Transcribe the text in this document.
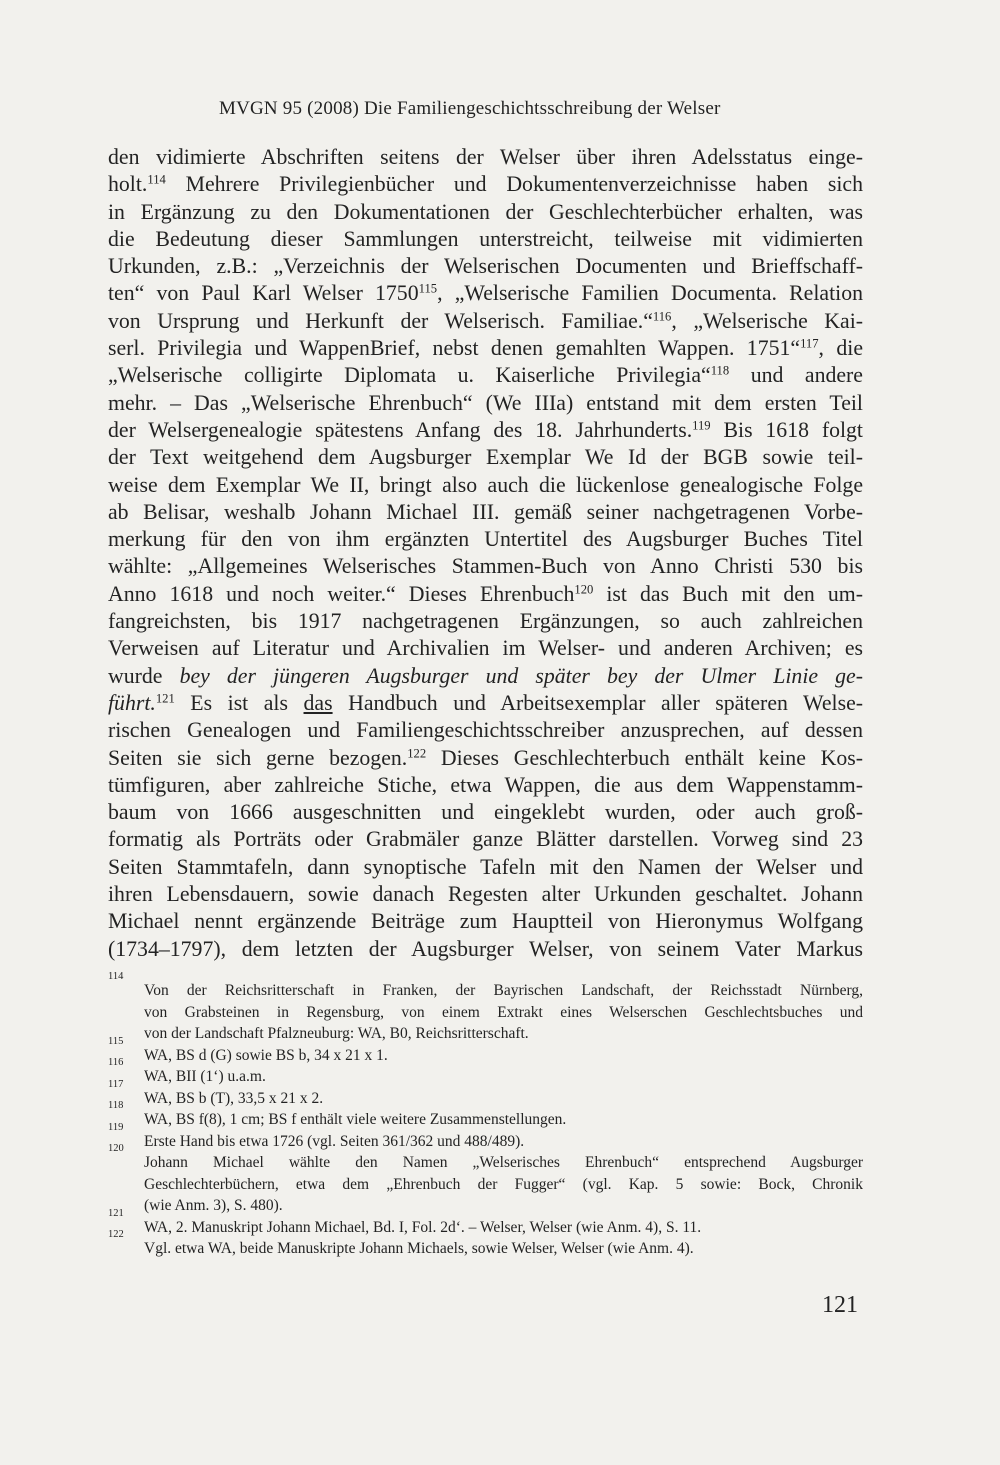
MVGN 95 (2008) Die Familiengeschichtsschreibung der Welser
den vidimierte Abschriften seitens der Welser über ihren Adelsstatus einge-
holt.$^{114}$ Mehrere Privilegienbücher und Dokumentenverzeichnisse haben sich
in Ergänzung zu den Dokumentationen der Geschlechterbücher erhalten, was
die Bedeutung dieser Sammlungen unterstreicht, teilweise mit vidimierten
Urkunden, z.B.: „Verzeichnis der Welserischen Documenten und Brieffschaff-
ten“ von Paul Karl Welser 1750$^{115}$, „Welserische Familien Documenta. Relation
von Ursprung und Herkunft der Welserisch. Familiae.“$^{116}$, „Welserische Kai-
serl. Privilegia und WappenBrief, nebst denen gemahlten Wappen. 1751“$^{117}$, die
„Welserische colligirte Diplomata u. Kaiserliche Privilegia“$^{118}$ und andere
mehr. – Das „Welserische Ehrenbuch“ (We IIIa) entstand mit dem ersten Teil
der Welsergenealogie spätestens Anfang des 18. Jahrhunderts.$^{119}$ Bis 1618 folgt
der Text weitgehend dem Augsburger Exemplar We Id der BGB sowie teil-
weise dem Exemplar We II, bringt also auch die lückenlose genealogische Folge
ab Belisar, weshalb Johann Michael III. gemäß seiner nachgetragenen Vorbe-
merkung für den von ihm ergänzten Untertitel des Augsburger Buches Titel
wählte: „Allgemeines Welserisches Stammen-Buch von Anno Christi 530 bis
Anno 1618 und noch weiter.“ Dieses Ehrenbuch$^{120}$ ist das Buch mit den um-
fangreichsten, bis 1917 nachgetragenen Ergänzungen, so auch zahlreichen
Verweisen auf Literatur und Archivalien im Welser- und anderen Archiven; es
wurde bey der jüngeren Augsburger und später bey der Ulmer Linie ge-
führt.$^{121}$ Es ist als das Handbuch und Arbeitsexemplar aller späteren Welse-
rischen Genealogen und Familiengeschichtsschreiber anzusprechen, auf dessen
Seiten sie sich gerne bezogen.$^{122}$ Dieses Geschlechterbuch enthält keine Kos-
tümfiguren, aber zahlreiche Stiche, etwa Wappen, die aus dem Wappenstamm-
baum von 1666 ausgeschnitten und eingeklebt wurden, oder auch groß-
formatig als Porträts oder Grabmäler ganze Blätter darstellen. Vorweg sind 23
Seiten Stammtafeln, dann synoptische Tafeln mit den Namen der Welser und
ihren Lebensdauern, sowie danach Regesten alter Urkunden geschaltet. Johann
Michael nennt ergänzende Beiträge zum Hauptteil von Hieronymus Wolfgang
(1734–1797), dem letzten der Augsburger Welser, von seinem Vater Markus
114
Von der Reichsritterschaft in Franken, der Bayrischen Landschaft, der Reichsstadt Nürnberg,
von Grabsteinen in Regensburg, von einem Extrakt eines Welserschen Geschlechtsbuches und
von der Landschaft Pfalzneuburg: WA, B0, Reichsritterschaft.
115
WA, BS d (G) sowie BS b, 34 x 21 x 1.
116
WA, BII (1‘) u.a.m.
117
WA, BS b (T), 33,5 x 21 x 2.
118
WA, BS f(8), 1 cm; BS f enthält viele weitere Zusammenstellungen.
119
Erste Hand bis etwa 1726 (vgl. Seiten 361/362 und 488/489).
120
Johann Michael wählte den Namen „Welserisches Ehrenbuch“ entsprechend Augsburger
Geschlechterbüchern, etwa dem „Ehrenbuch der Fugger“ (vgl. Kap. 5 sowie: Bock, Chronik
(wie Anm. 3), S. 480).
121
WA, 2. Manuskript Johann Michael, Bd. I, Fol. 2d‘. – Welser, Welser (wie Anm. 4), S. 11.
122
Vgl. etwa WA, beide Manuskripte Johann Michaels, sowie Welser, Welser (wie Anm. 4).
121
